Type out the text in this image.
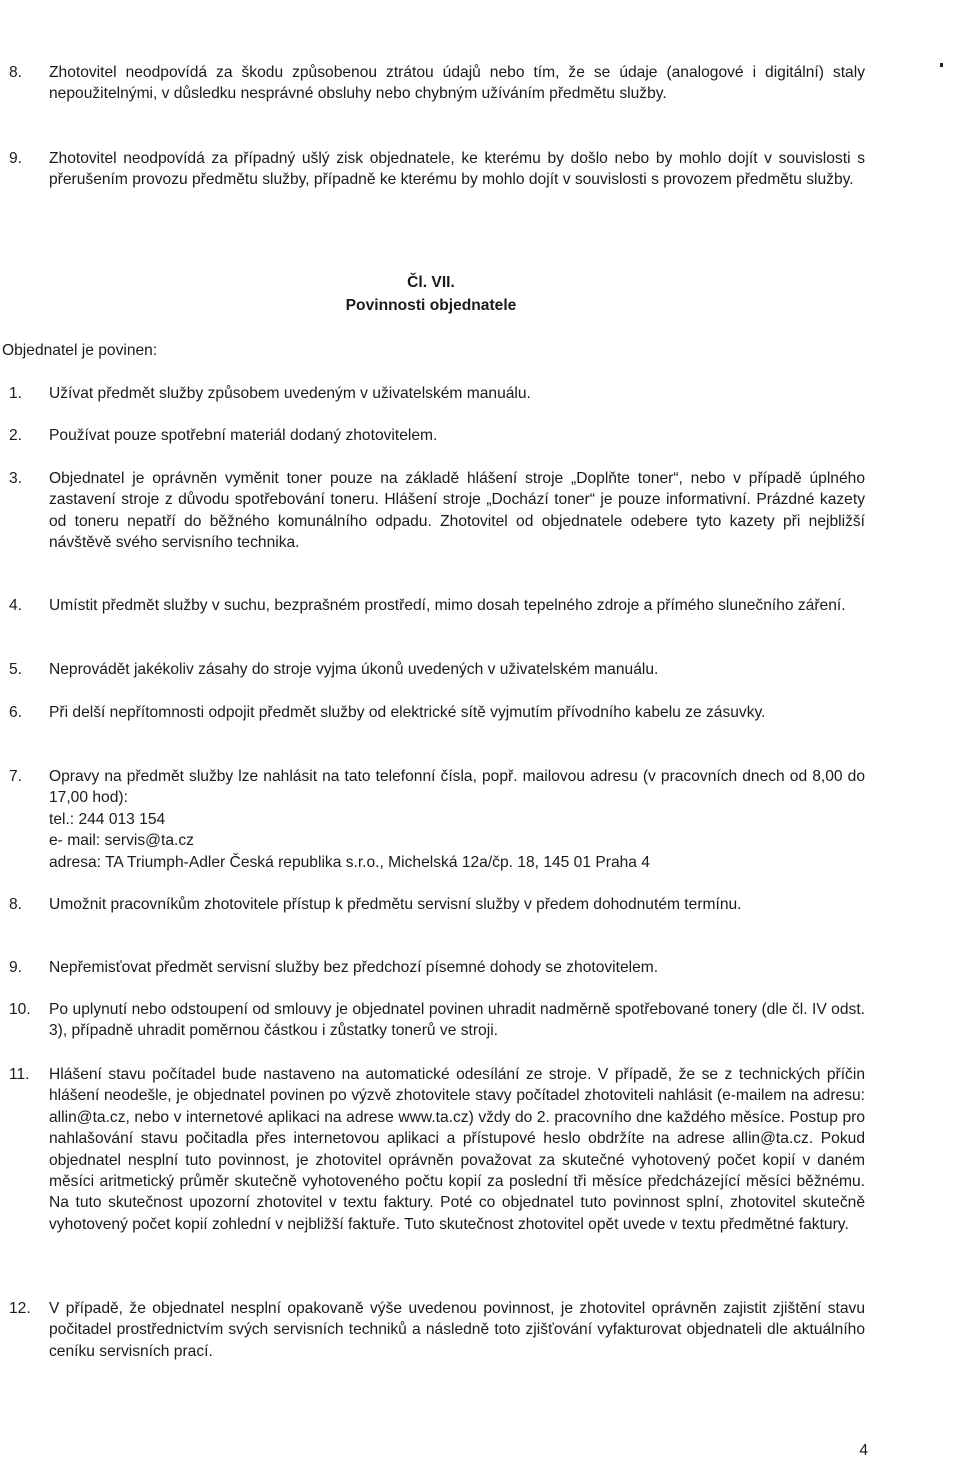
8. Zhotovitel neodpovídá za škodu způsobenou ztrátou údajů nebo tím, že se údaje (analogové i digitální) staly nepoužitelnými, v důsledku nesprávné obsluhy nebo chybným užíváním předmětu služby.
9. Zhotovitel neodpovídá za případný ušlý zisk objednatele, ke kterému by došlo nebo by mohlo dojít v souvislosti s přerušením provozu předmětu služby, případně ke kterému by mohlo dojít v souvislosti s provozem předmětu služby.
Čl. VII.
Povinnosti objednatele
Objednatel je povinen:
1. Užívat předmět služby způsobem uvedeným v uživatelském manuálu.
2. Používat pouze spotřební materiál dodaný zhotovitelem.
3. Objednatel je oprávněn vyměnit toner pouze na základě hlášení stroje „Doplňte toner“, nebo v případě úplného zastavení stroje z důvodu spotřebování toneru. Hlášení stroje „Dochází toner“ je pouze informativní. Prázdné kazety od toneru nepatří do běžného komunálního odpadu. Zhotovitel od objednatele odebere tyto kazety při nejbližší návštěvě svého servisního technika.
4. Umístit předmět služby v suchu, bezprašném prostředí, mimo dosah tepelného zdroje a přímého slunečního záření.
5. Neprovádět jakékoliv zásahy do stroje vyjma úkonů uvedených v uživatelském manuálu.
6. Při delší nepřítomnosti odpojit předmět služby od elektrické sítě vyjmutím přívodního kabelu ze zásuvky.
7. Opravy na předmět služby lze nahlásit na tato telefonní čísla, popř. mailovou adresu (v pracovních dnech od 8,00 do 17,00 hod):
tel.: 244 013 154
e- mail: servis@ta.cz
adresa: TA Triumph-Adler Česká republika s.r.o., Michelská 12a/čp. 18, 145 01 Praha 4
8. Umožnit pracovníkům zhotovitele přístup k předmětu servisní služby v předem dohodnutém termínu.
9. Nepřemisťovat předmět servisní služby bez předchozí písemné dohody se zhotovitelem.
10. Po uplynutí nebo odstoupení od smlouvy je objednatel povinen uhradit nadměrně spotřebované tonery (dle čl. IV odst. 3), případně uhradit poměrnou částkou i zůstatky tonerů ve stroji.
11. Hlášení stavu počítadel bude nastaveno na automatické odesílání ze stroje. V případě, že se z technických příčin hlášení neodešle, je objednatel povinen po výzvě zhotovitele stavy počítadel zhotoviteli nahlásit (e-mailem na adresu: allin@ta.cz, nebo v internetové aplikaci na adrese www.ta.cz) vždy do 2. pracovního dne každého měsíce. Postup pro nahlašování stavu počitadla přes internetovou aplikaci a přístupové heslo obdržíte na adrese allin@ta.cz. Pokud objednatel nesplní tuto povinnost, je zhotovitel oprávněn považovat za skutečné vyhotovený počet kopií v daném měsíci aritmetický průměr skutečně vyhotoveného počtu kopií za poslední tři měsíce předcházející měsíci běžnému. Na tuto skutečnost upozorní zhotovitel v textu faktury. Poté co objednatel tuto povinnost splní, zhotovitel skutečně vyhotovený počet kopií zohlední v nejbližší faktuře. Tuto skutečnost zhotovitel opět uvede v textu předmětné faktury.
12. V případě, že objednatel nesplní opakovaně výše uvedenou povinnost, je zhotovitel oprávněn zajistit zjištění stavu počitadel prostřednictvím svých servisních techniků a následně toto zjišťování vyfakturovat objednateli dle aktuálního ceníku servisních prací.
4
